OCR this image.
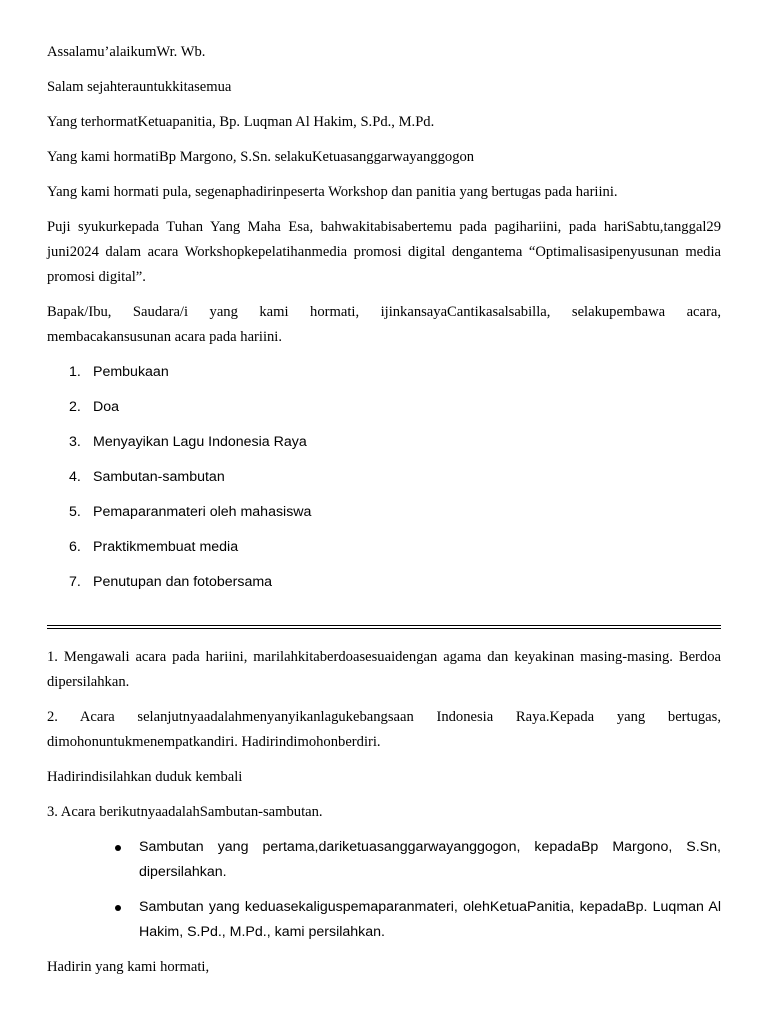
Assalamu’alaikumWr. Wb.

Salam sejahterauntukkitasemua

Yang terhormatKetuapanitia, Bp. Luqman Al Hakim, S.Pd., M.Pd.

Yang kami hormatiBp Margono, S.Sn. selakuKetuasanggarwayanggogon

Yang kami hormati pula, segenaphadirinpeserta Workshop dan panitia yang bertugas pada hariini.

Puji syukurkepada Tuhan Yang Maha Esa, bahwakitabisabertemu pada pagihariini, pada hariSabtu,tanggal29 juni2024 dalam acara Workshopkepelatihanmedia promosi digital dengantema “Optimalisasipenyusunan media promosi digital”.

Bapak/Ibu, Saudara/i yang kami hormati, ijinkansayaCantikasalsabilla, selakupembawa acara, membacakansusunan acara pada hariini.

1. Pembukaan
2. Doa
3. Menyayikan Lagu Indonesia Raya
4. Sambutan-sambutan
5. Pemaparanmateri oleh mahasiswa
6. Praktikmembuat media
7. Penutupan dan fotobersama

1. Mengawali acara pada hariini, marilahkitaberdoasesuaidengan agama dan keyakinan masing-masing. Berdoa dipersilahkan.

2. Acara selanjutnyaadalahmenyanyikanlagukebangsaan Indonesia Raya.Kepada yang bertugas, dimohonuntukmenempatkandiri. Hadirindimohonberdiri.

Hadirindisilahkan duduk kembali

3. Acara berikutnyaadalahSambutan-sambutan.

Sambutan yang pertama,dariketuasanggarwayanggogon, kepadaBp Margono, S.Sn, dipersilahkan.
Sambutan yang keduasekaliguspemaparanmateri, olehKetuaPanitia, kepadaBp. Luqman Al Hakim, S.Pd., M.Pd., kami persilahkan.

Hadirin yang kami hormati,
